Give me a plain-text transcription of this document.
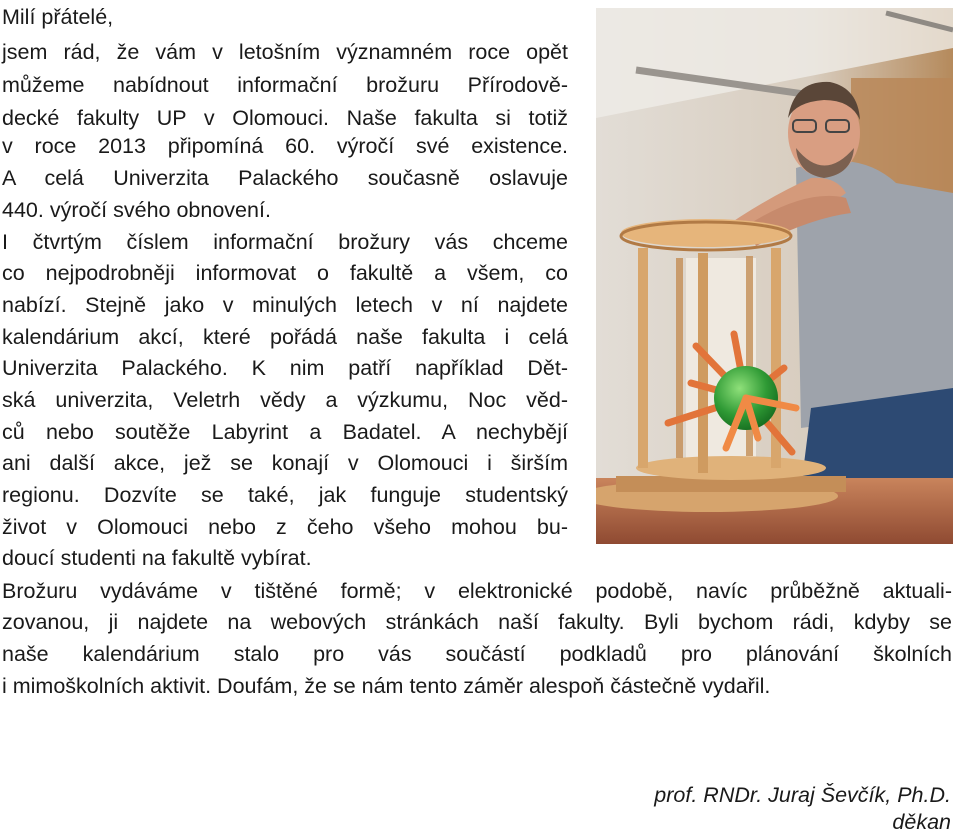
Milí přátelé,
jsem rád, že vám v letošním významném roce opět
můžeme nabídnout informační brožuru Přírodově-
decké fakulty UP v Olomouci. Naše fakulta si totiž
v roce 2013 připomíná 60. výročí své existence.
A celá Univerzita Palackého současně oslavuje
440. výročí svého obnovení.
I čtvrtým číslem informační brožury vás chceme
co nejpodrobněji informovat o fakultě a všem, co
nabízí. Stejně jako v minulých letech v ní najdete
kalendárium akcí, které pořádá naše fakulta i celá
Univerzita Palackého. K nim patří například Dět-
ská univerzita, Veletrh vědy a výzkumu, Noc věd-
ců nebo soutěže Labyrint a Badatel. A nechybějí
ani další akce, jež se konají v Olomouci i širším
regionu. Dozvíte se také, jak funguje studentský
život v Olomouci nebo z čeho všeho mohou bu-
doucí studenti na fakultě vybírat.
Brožuru vydáváme v tištěné formě; v elektronické podobě, navíc průběžně aktuali-
zovanou, ji najdete na webových stránkách naší fakulty. Byli bychom rádi, kdyby se
naše kalendárium stalo pro vás součástí podkladů pro plánování školních
i mimoškolních aktivit. Doufám, že se nám tento záměr alespoň částečně vydařil.
prof. RNDr. Juraj Ševčík, Ph.D.
děkan
